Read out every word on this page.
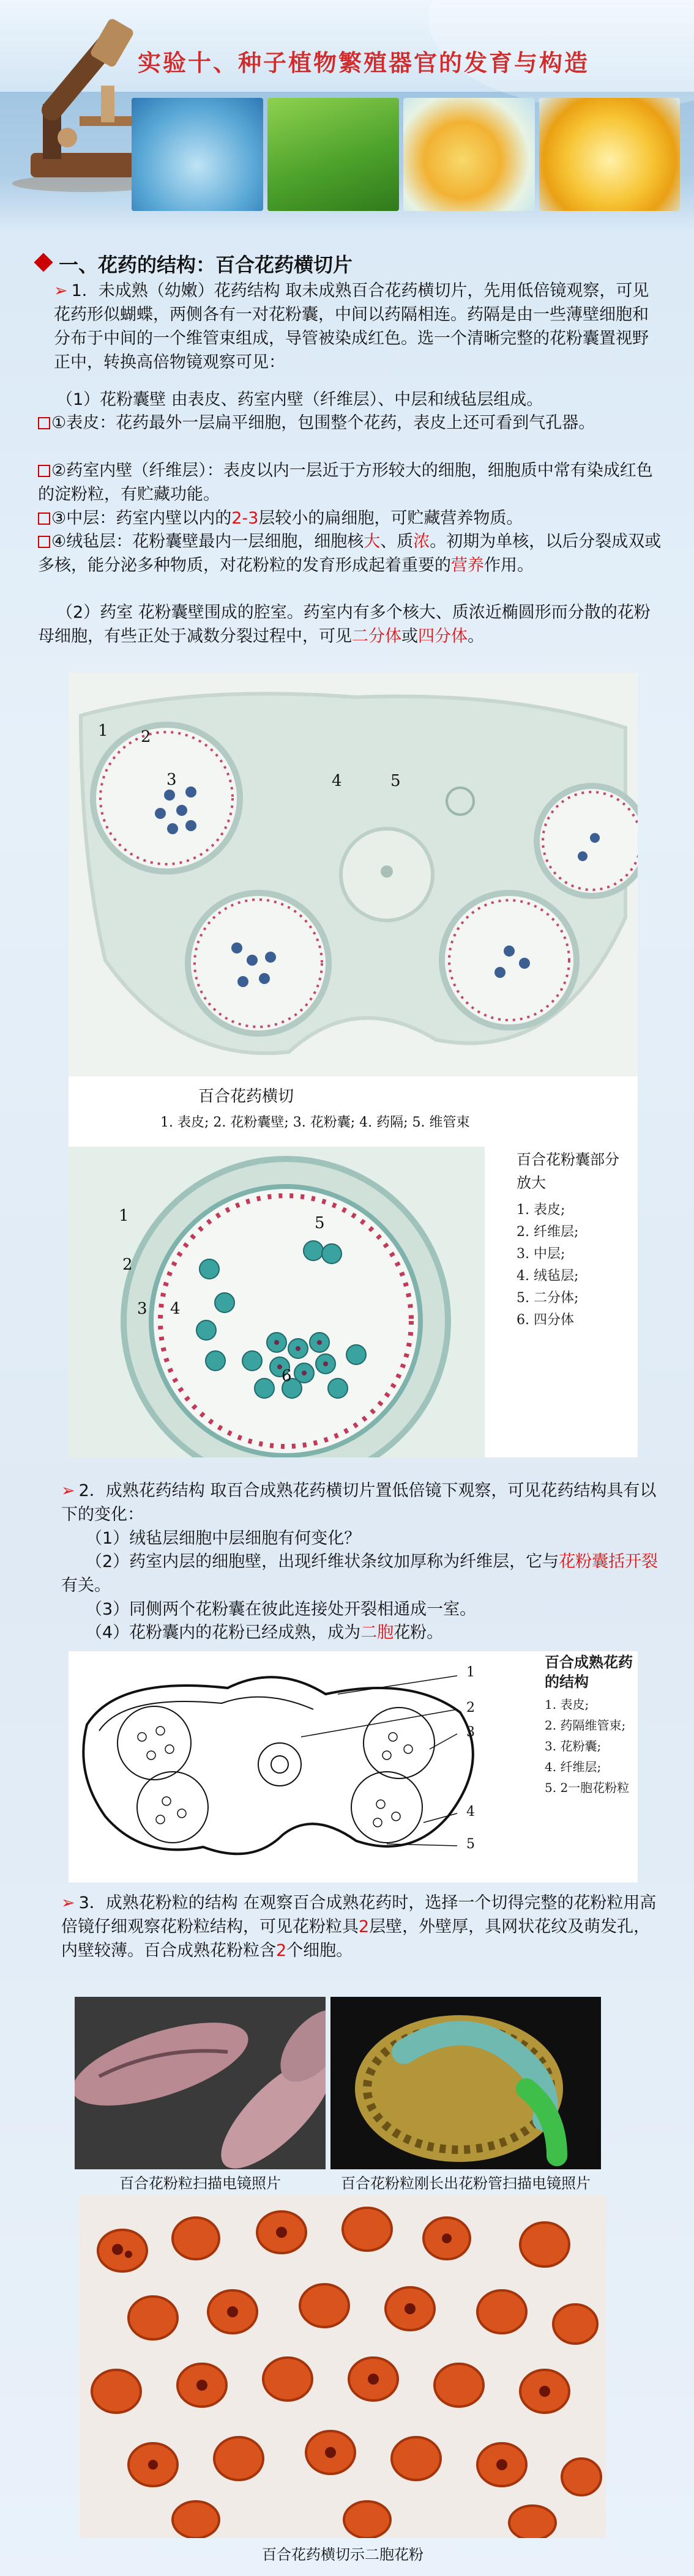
实验十、种子植物繁殖器官的发育与构造
一、花药的结构：百合花药横切片
➢ 1．未成熟（幼嫩）花药结构 取未成熟百合花药横切片，先用低倍镜观察，可见花药形似蝴蝶，两侧各有一对花粉囊，中间以药隔相连。药隔是由一些薄壁细胞和分布于中间的一个维管束组成，导管被染成红色。选一个清晰完整的花粉囊置视野正中，转换高倍物镜观察可见：
（1）花粉囊壁 由表皮、药室内壁（纤维层）、中层和绒毡层组成。
①表皮：花药最外一层扁平细胞，包围整个花药，表皮上还可看到气孔器。
②药室内壁（纤维层）：表皮以内一层近于方形较大的细胞，细胞质中常有染成红色的淀粉粒，有贮藏功能。
③中层：药室内壁以内的2-3层较小的扁细胞，可贮藏营养物质。
④绒毡层：花粉囊壁最内一层细胞，细胞核大、质浓。初期为单核，以后分裂成双或多核，能分泌多种物质，对花粉粒的发育形成起着重要的营养作用。
（2）药室 花粉囊壁围成的腔室。药室内有多个核大、质浓近椭圆形而分散的花粉母细胞，有些正处于减数分裂过程中，可见二分体或四分体。
1 2
3	4	5
百合花药横切
1. 表皮; 2. 花粉囊壁; 3. 花粉囊; 4. 药隔; 5. 维管束
1
2
3 4
5
6
百合花粉囊部分放大
1. 表皮;
2. 纤维层;
3. 中层;
4. 绒毡层;
5. 二分体;
6. 四分体
➢ 2．成熟花药结构 取百合成熟花药横切片置低倍镜下观察，可见花药结构具有以下的变化：
（1）绒毡层细胞中层细胞有何变化？
（2）药室内层的细胞壁，出现纤维状条纹加厚称为纤维层，它与花粉囊括开裂有关。
（3）同侧两个花粉囊在彼此连接处开裂相通成一室。
（4）花粉囊内的花粉已经成熟，成为二胞花粉。
1
2
3
4
5
百合成熟花药的结构
1. 表皮;
2. 药隔维管束;
3. 花粉囊;
4. 纤维层;
5. 2一胞花粉粒
➢ 3．成熟花粉粒的结构 在观察百合成熟花药时，选择一个切得完整的花粉粒用高倍镜仔细观察花粉粒结构，可见花粉粒具2层壁，外壁厚，具网状花纹及萌发孔，内壁较薄。百合成熟花粉粒含2个细胞。
百合花粉粒扫描电镜照片	百合花粉粒刚长出花粉管扫描电镜照片
百合花药横切示二胞花粉
